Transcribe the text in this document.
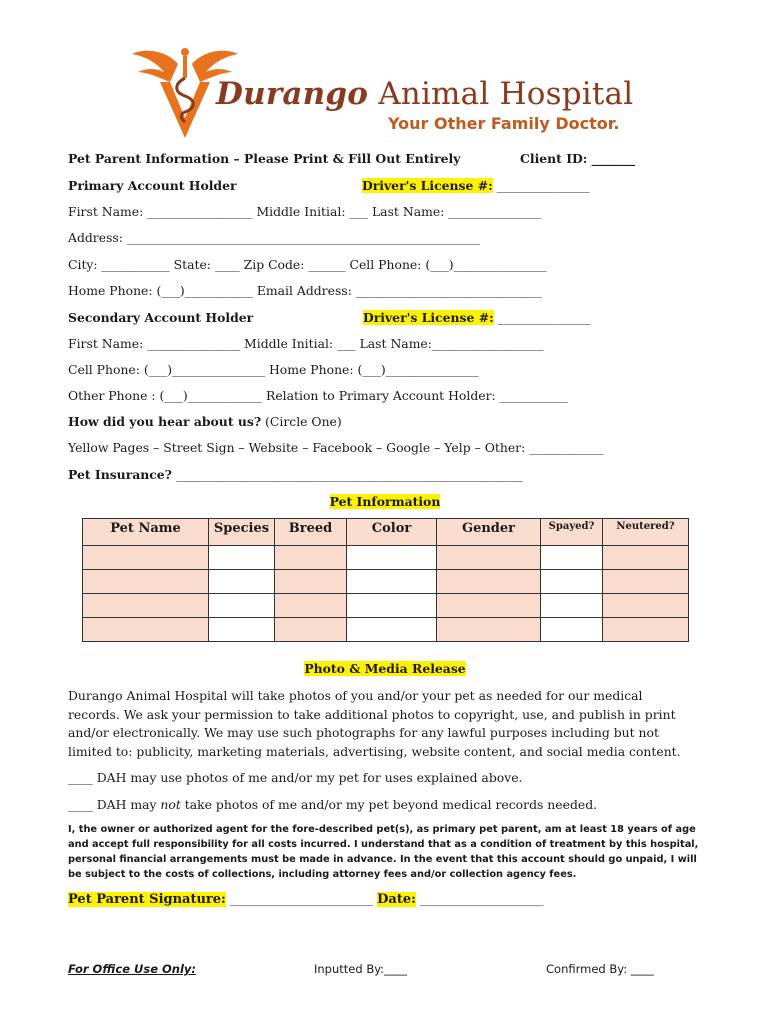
Durango Animal Hospital
Your Other Family Doctor.
Pet Parent Information – Please Print & Fill Out Entirely	Client ID: _______
Primary Account Holder	Driver's License #: _______________
First Name: _________________ Middle Initial: ___ Last Name: _______________
Address: _________________________________________________________
City: ___________ State: ____ Zip Code: ______ Cell Phone: (___)_______________
Home Phone: (___)___________ Email Address: ______________________________
Secondary Account Holder	Driver's License #: _______________
First Name: _______________ Middle Initial: ___ Last Name:__________________
Cell Phone: (___)_______________ Home Phone: (___)_______________
Other Phone : (___)____________ Relation to Primary Account Holder: ___________
How did you hear about us? (Circle One)
Yellow Pages – Street Sign – Website – Facebook – Google – Yelp – Other: ____________
Pet Insurance? ________________________________________________________
Pet Information
Pet Name	Species	Breed	Color	Gender	Spayed?	Neutered?

Photo & Media Release
Durango Animal Hospital will take photos of you and/or your pet as needed for our medical records. We ask your permission to take additional photos to copyright, use, and publish in print and/or electronically. We may use such photographs for any lawful purposes including but not limited to: publicity, marketing materials, advertising, website content, and social media content.
____ DAH may use photos of me and/or my pet for uses explained above.
____ DAH may not take photos of me and/or my pet beyond medical records needed.
I, the owner or authorized agent for the fore-described pet(s), as primary pet parent, am at least 18 years of age and accept full responsibility for all costs incurred. I understand that as a condition of treatment by this hospital, personal financial arrangements must be made in advance. In the event that this account should go unpaid, I will be subject to the costs of collections, including attorney fees and/or collection agency fees.
Pet Parent Signature: ______________________ Date: ___________________
For Office Use Only:	Inputted By:____	Confirmed By: ____
